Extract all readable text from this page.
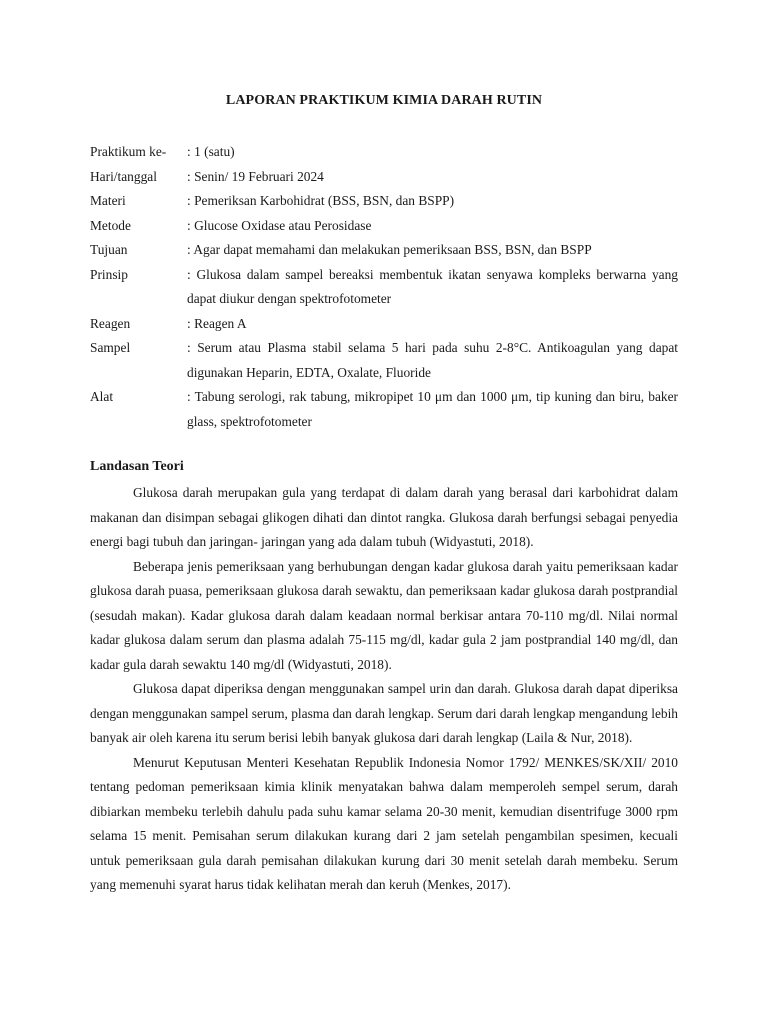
LAPORAN PRAKTIKUM KIMIA DARAH RUTIN
Praktikum ke-	: 1 (satu)
Hari/tanggal	: Senin/ 19 Februari 2024
Materi	: Pemeriksan Karbohidrat (BSS, BSN, dan BSPP)
Metode	: Glucose Oxidase atau Perosidase
Tujuan	: Agar dapat memahami dan melakukan pemeriksaan BSS, BSN, dan BSPP
Prinsip	: Glukosa dalam sampel bereaksi membentuk ikatan senyawa kompleks berwarna yang dapat diukur dengan spektrofotometer
Reagen	: Reagen A
Sampel	: Serum atau Plasma stabil selama 5 hari pada suhu 2-8°C. Antikoagulan yang dapat digunakan Heparin, EDTA, Oxalate, Fluoride
Alat	: Tabung serologi, rak tabung, mikropipet 10 μm dan 1000 μm, tip kuning dan biru, baker glass, spektrofotometer
Landasan Teori

Glukosa darah merupakan gula yang terdapat di dalam darah yang berasal dari karbohidrat dalam makanan dan disimpan sebagai glikogen dihati dan dintot rangka. Glukosa darah berfungsi sebagai penyedia energi bagi tubuh dan jaringan- jaringan yang ada dalam tubuh (Widyastuti, 2018).

Beberapa jenis pemeriksaan yang berhubungan dengan kadar glukosa darah yaitu pemeriksaan kadar glukosa darah puasa, pemeriksaan glukosa darah sewaktu, dan pemeriksaan kadar glukosa darah postprandial (sesudah makan). Kadar glukosa darah dalam keadaan normal berkisar antara 70-110 mg/dl. Nilai normal kadar glukosa dalam serum dan plasma adalah 75-115 mg/dl, kadar gula 2 jam postprandial 140 mg/dl, dan kadar gula darah sewaktu 140 mg/dl (Widyastuti, 2018).

Glukosa dapat diperiksa dengan menggunakan sampel urin dan darah. Glukosa darah dapat diperiksa dengan menggunakan sampel serum, plasma dan darah lengkap. Serum dari darah lengkap mengandung lebih banyak air oleh karena itu serum berisi lebih banyak glukosa dari darah lengkap (Laila & Nur, 2018).

Menurut Keputusan Menteri Kesehatan Republik Indonesia Nomor 1792/ MENKES/SK/XII/ 2010 tentang pedoman pemeriksaan kimia klinik menyatakan bahwa dalam memperoleh sempel serum, darah dibiarkan membeku terlebih dahulu pada suhu kamar selama 20-30 menit, kemudian disentrifuge 3000 rpm selama 15 menit. Pemisahan serum dilakukan kurang dari 2 jam setelah pengambilan spesimen, kecuali untuk pemeriksaan gula darah pemisahan dilakukan kurung dari 30 menit setelah darah membeku. Serum yang memenuhi syarat harus tidak kelihatan merah dan keruh (Menkes, 2017).
